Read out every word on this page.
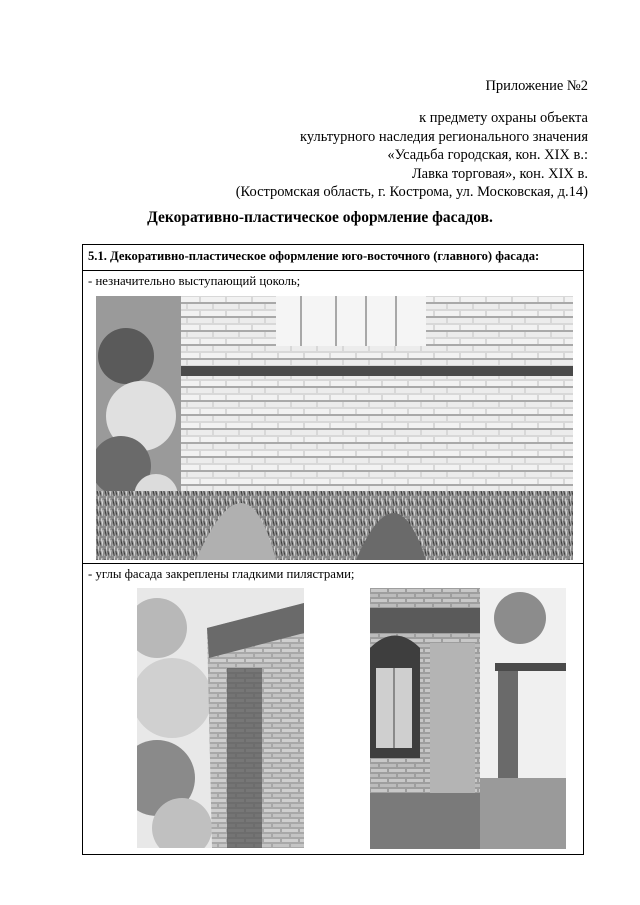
Приложение №2
к предмету охраны объекта
культурного наследия регионального значения
«Усадьба городская, кон. XIX в.:
Лавка торговая», кон. XIX в.
(Костромская область, г. Кострома, ул. Московская, д.14)
Декоративно-пластическое оформление фасадов.
5.1. Декоративно-пластическое оформление юго-восточного (главного) фасада:
- незначительно выступающий цоколь;
- углы фасада закреплены гладкими пилястрами;
